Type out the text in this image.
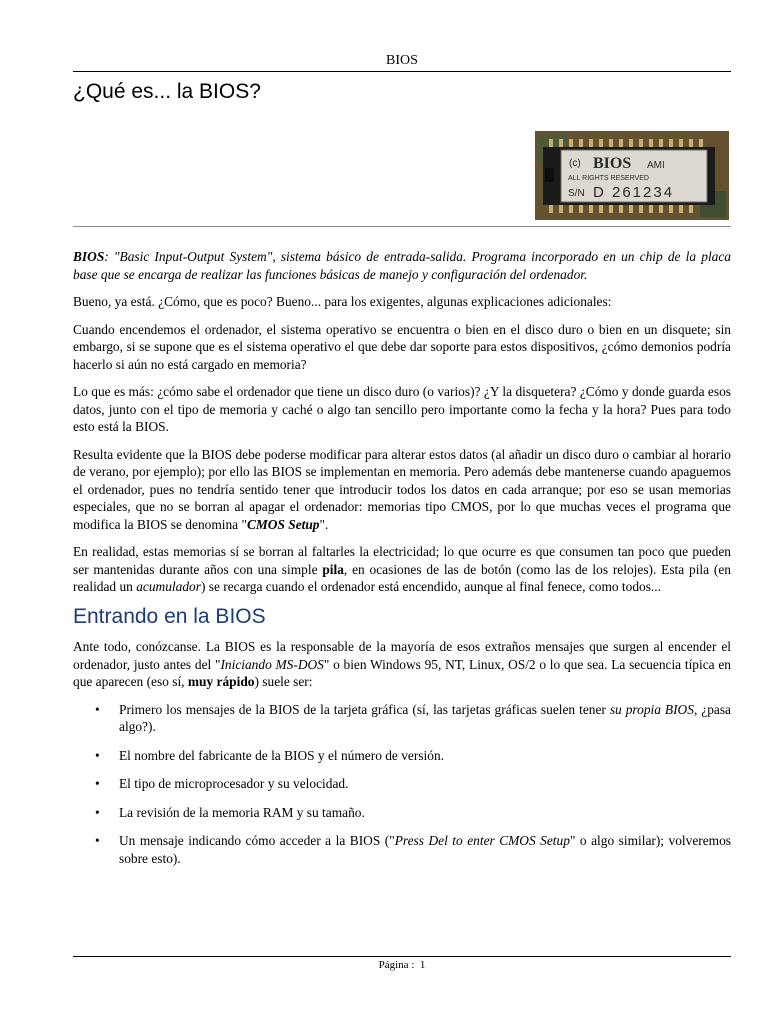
BIOS
¿Qué es... la BIOS?
(c) BIOS AMI
ALL RIGHTS RESERVED
S/N D 261234

BIOS: "Basic Input-Output System", sistema básico de entrada-salida. Programa incorporado en un chip de la placa base que se encarga de realizar las funciones básicas de manejo y configuración del ordenador.

Bueno, ya está. ¿Cómo, que es poco? Bueno... para los exigentes, algunas explicaciones adicionales:

Cuando encendemos el ordenador, el sistema operativo se encuentra o bien en el disco duro o bien en un disquete; sin embargo, si se supone que es el sistema operativo el que debe dar soporte para estos dispositivos, ¿cómo demonios podría hacerlo si aún no está cargado en memoria?

Lo que es más: ¿cómo sabe el ordenador que tiene un disco duro (o varios)? ¿Y la disquetera? ¿Cómo y donde guarda esos datos, junto con el tipo de memoria y caché o algo tan sencillo pero importante como la fecha y la hora? Pues para todo esto está la BIOS.

Resulta evidente que la BIOS debe poderse modificar para alterar estos datos (al añadir un disco duro o cambiar al horario de verano, por ejemplo); por ello las BIOS se implementan en memoria. Pero además debe mantenerse cuando apaguemos el ordenador, pues no tendría sentido tener que introducir todos los datos en cada arranque; por eso se usan memorias especiales, que no se borran al apagar el ordenador: memorias tipo CMOS, por lo que muchas veces el programa que modifica la BIOS se denomina "CMOS Setup".

En realidad, estas memorias sí se borran al faltarles la electricidad; lo que ocurre es que consumen tan poco que pueden ser mantenidas durante años con una simple pila, en ocasiones de las de botón (como las de los relojes). Esta pila (en realidad un acumulador) se recarga cuando el ordenador está encendido, aunque al final fenece, como todos...

Entrando en la BIOS

Ante todo, conózcanse. La BIOS es la responsable de la mayoría de esos extraños mensajes que surgen al encender el ordenador, justo antes del "Iniciando MS-DOS" o bien Windows 95, NT, Linux, OS/2 o lo que sea. La secuencia típica en que aparecen (eso sí, muy rápido) suele ser:

• Primero los mensajes de la BIOS de la tarjeta gráfica (sí, las tarjetas gráficas suelen tener su propia BIOS, ¿pasa algo?).
• El nombre del fabricante de la BIOS y el número de versión.
• El tipo de microprocesador y su velocidad.
• La revisión de la memoria RAM y su tamaño.
• Un mensaje indicando cómo acceder a la BIOS ("Press Del to enter CMOS Setup" o algo similar); volveremos sobre esto).
Página : 1
